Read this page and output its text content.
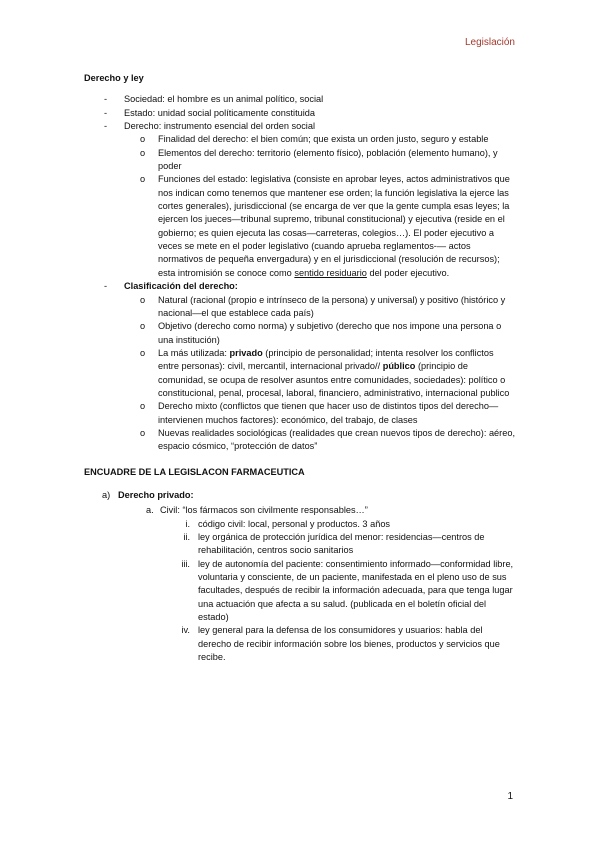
Legislación
Derecho y ley
-	Sociedad: el hombre es un animal político, social
-	Estado: unidad social políticamente constituida
-	Derecho: instrumento esencial del orden social
o	Finalidad del derecho: el bien común; que exista un orden justo, seguro y estable
o	Elementos del derecho: territorio (elemento físico), población (elemento humano), y poder
o	Funciones del estado: legislativa (consiste en aprobar leyes, actos administrativos que nos indican como tenemos que mantener ese orden; la función legislativa la ejerce las cortes generales), jurisdiccional (se encarga de ver que la gente cumpla esas leyes; la ejercen los jueces—tribunal supremo, tribunal constitucional) y ejecutiva (reside en el gobierno; es quien ejecuta las cosas—carreteras, colegios…). El poder ejecutivo a veces se mete en el poder legislativo (cuando aprueba reglamentos-— actos normativos de pequeña envergadura) y en el jurisdiccional (resolución de recursos); esta intromisión se conoce como sentido residuario del poder ejecutivo.
-	Clasificación del derecho:
o	Natural (racional (propio e intrínseco de la persona) y universal) y positivo (histórico y nacional—el que establece cada país)
o	Objetivo (derecho como norma) y subjetivo (derecho que nos impone una persona o una institución)
o	La más utilizada: privado (principio de personalidad; intenta resolver los conflictos entre personas): civil, mercantil, internacional privado// público (principio de comunidad, se ocupa de resolver asuntos entre comunidades, sociedades): político o constitucional, penal, procesal, laboral, financiero, administrativo, internacional publico
o	Derecho mixto (conflictos que tienen que hacer uso de distintos tipos del derecho—intervienen muchos factores): económico, del trabajo, de clases
o	Nuevas realidades sociológicas (realidades que crean nuevos tipos de derecho): aéreo, espacio cósmico, “protección de datos”
ENCUADRE DE LA LEGISLACON FARMACEUTICA
a) Derecho privado:
a. Civil: “los fármacos son civilmente responsables…”
i. código civil: local, personal y productos. 3 años
ii. ley orgánica de protección jurídica del menor: residencias—centros de rehabilitación, centros socio sanitarios
iii. ley de autonomía del paciente: consentimiento informado—conformidad libre, voluntaria y consciente, de un paciente, manifestada en el pleno uso de sus facultades, después de recibir la información adecuada, para que tenga lugar una actuación que afecta a su salud. (publicada en el boletín oficial del estado)
iv. ley general para la defensa de los consumidores y usuarios: habla del derecho de recibir información sobre los bienes, productos y servicios que recibe.
1
